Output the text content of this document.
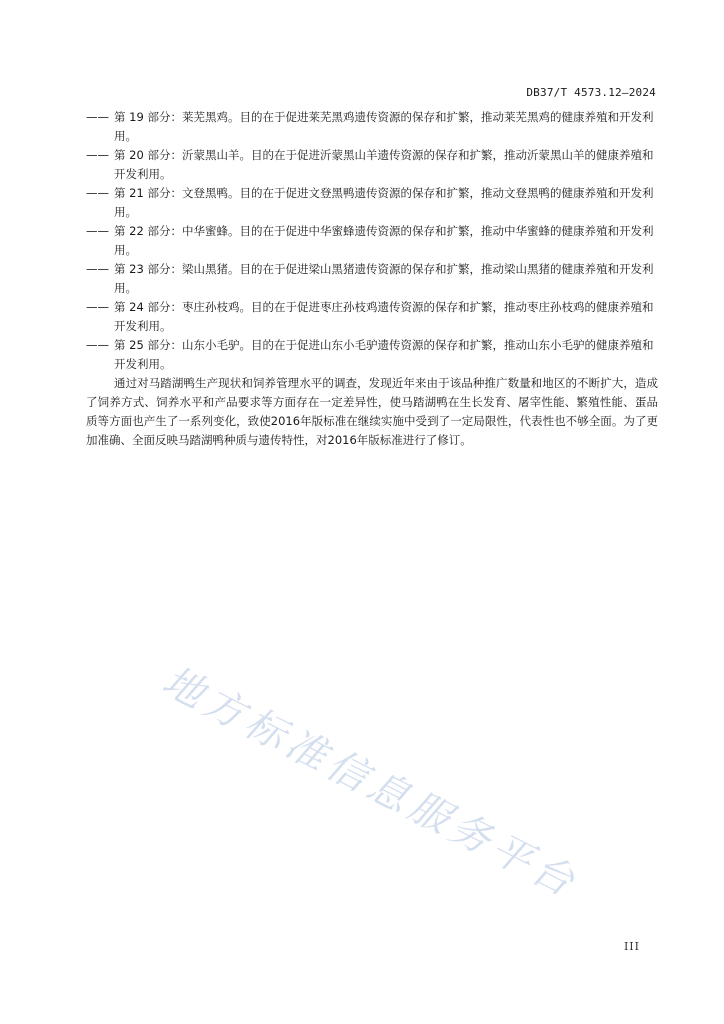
DB37/T 4573.12—2024
—— 第 19 部分：莱芜黑鸡。目的在于促进莱芜黑鸡遗传资源的保存和扩繁，推动莱芜黑鸡的健康养殖和开发利用。
—— 第 20 部分：沂蒙黑山羊。目的在于促进沂蒙黑山羊遗传资源的保存和扩繁，推动沂蒙黑山羊的健康养殖和开发利用。
—— 第 21 部分：文登黑鸭。目的在于促进文登黑鸭遗传资源的保存和扩繁，推动文登黑鸭的健康养殖和开发利用。
—— 第 22 部分：中华蜜蜂。目的在于促进中华蜜蜂遗传资源的保存和扩繁，推动中华蜜蜂的健康养殖和开发利用。
—— 第 23 部分：梁山黑猪。目的在于促进梁山黑猪遗传资源的保存和扩繁，推动梁山黑猪的健康养殖和开发利用。
—— 第 24 部分：枣庄孙枝鸡。目的在于促进枣庄孙枝鸡遗传资源的保存和扩繁，推动枣庄孙枝鸡的健康养殖和开发利用。
—— 第 25 部分：山东小毛驴。目的在于促进山东小毛驴遗传资源的保存和扩繁，推动山东小毛驴的健康养殖和开发利用。

通过对马踏湖鸭生产现状和饲养管理水平的调查，发现近年来由于该品种推广数量和地区的不断扩大，造成了饲养方式、饲养水平和产品要求等方面存在一定差异性，使马踏湖鸭在生长发育、屠宰性能、繁殖性能、蛋品质等方面也产生了一系列变化，致使2016年版标准在继续实施中受到了一定局限性，代表性也不够全面。为了更加准确、全面反映马踏湖鸭种质与遗传特性，对2016年版标准进行了修订。

地方标准信息服务平台
III
